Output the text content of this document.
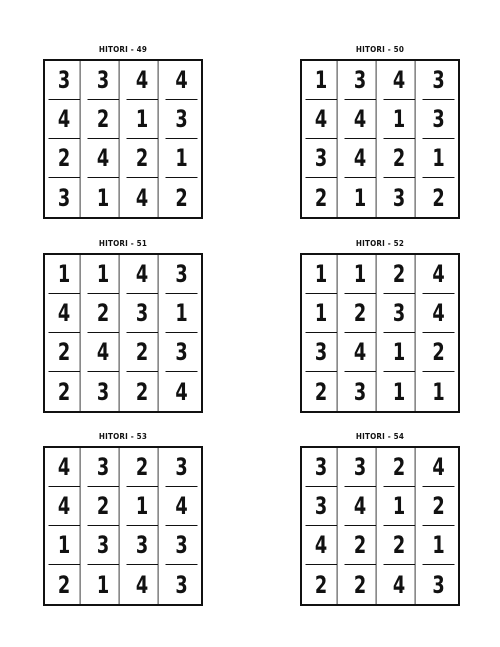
HITORI - 49
3	3	4	4
4	2	1	3
2	4	2	1
3	1	4	2
HITORI - 50
1	3	4	3
4	4	1	3
3	4	2	1
2	1	3	2
HITORI - 51
1	1	4	3
4	2	3	1
2	4	2	3
2	3	2	4
HITORI - 52
1	1	2	4
1	2	3	4
3	4	1	2
2	3	1	1
HITORI - 53
4	3	2	3
4	2	1	4
1	3	3	3
2	1	4	3
HITORI - 54
3	3	2	4
3	4	1	2
4	2	2	1
2	2	4	3
